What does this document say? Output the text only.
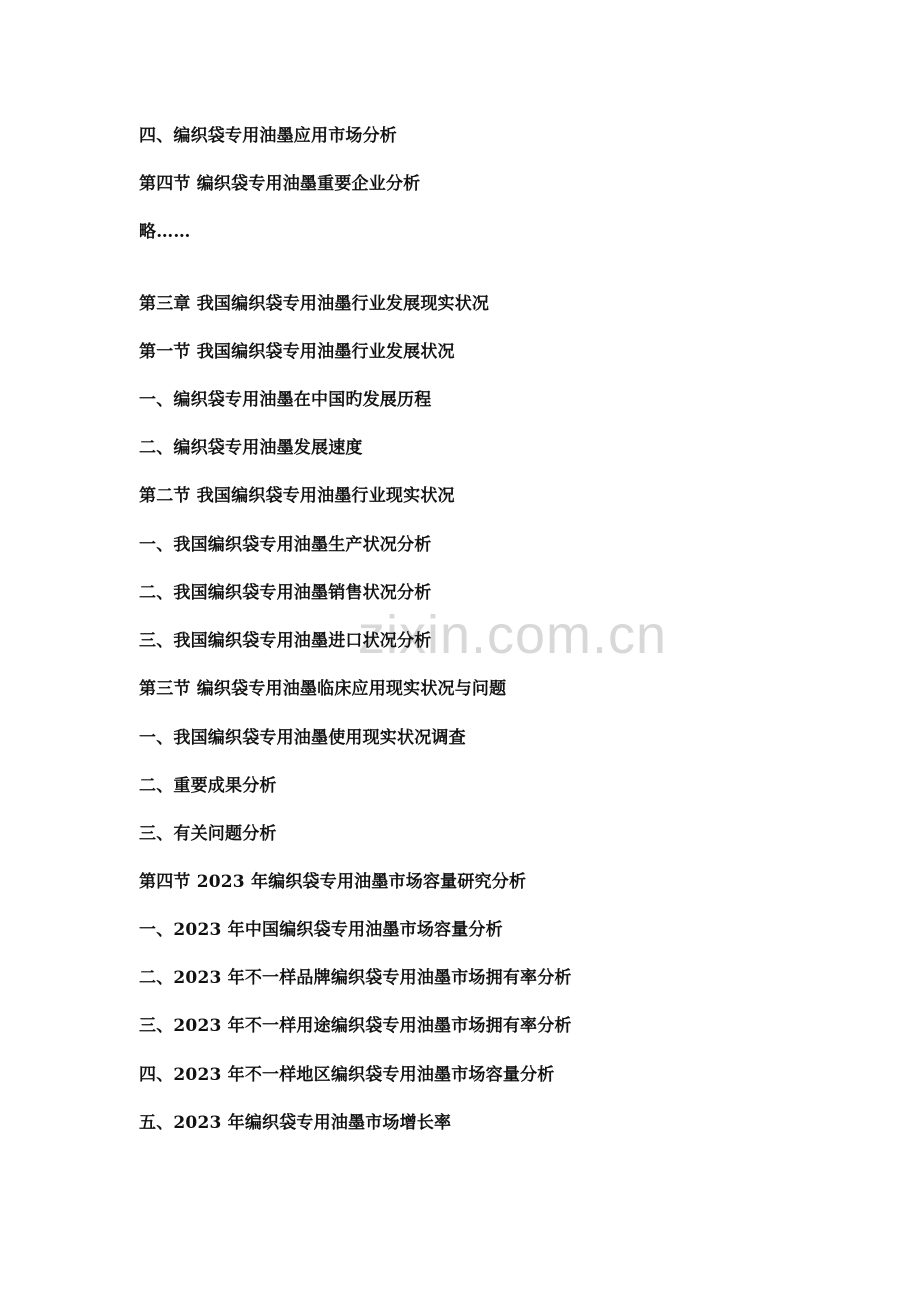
zixin.com.cn
四、编织袋专用油墨应用市场分析
第四节 编织袋专用油墨重要企业分析
略……
第三章 我国编织袋专用油墨行业发展现实状况
第一节 我国编织袋专用油墨行业发展状况
一、编织袋专用油墨在中国旳发展历程
二、编织袋专用油墨发展速度
第二节 我国编织袋专用油墨行业现实状况
一、我国编织袋专用油墨生产状况分析
二、我国编织袋专用油墨销售状况分析
三、我国编织袋专用油墨进口状况分析
第三节 编织袋专用油墨临床应用现实状况与问题
一、我国编织袋专用油墨使用现实状况调查
二、重要成果分析
三、有关问题分析
第四节 2023 年编织袋专用油墨市场容量研究分析
一、2023 年中国编织袋专用油墨市场容量分析
二、2023 年不一样品牌编织袋专用油墨市场拥有率分析
三、2023 年不一样用途编织袋专用油墨市场拥有率分析
四、2023 年不一样地区编织袋专用油墨市场容量分析
五、2023 年编织袋专用油墨市场增长率
